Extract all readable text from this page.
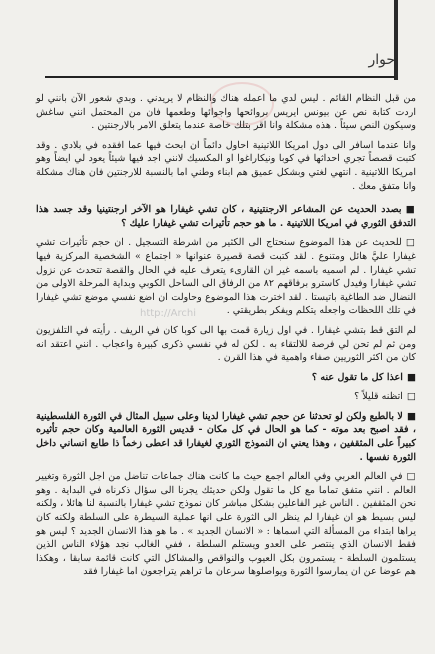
حوار
http://Archi

من قبل النظام القائم . ليس لدي ما اعمله هناك والنظام لا يريدني . وبدي شعور الآن بانني لو اردت كتابة نص عن بيونس ايريس بروائحها واجوائها وطعمها فان من المحتمل انني ساغش وسيكون النص سيئاً . هذه مشكلة وانا اقر بتلك خاصة عندما يتعلق الامر بالارجنتين .

وانا عندما اسافر الى دول امريكا اللاتينية احاول دائماً ان ابحث فيها عما افقده في بلادي . وقد كتبت قصصاً تجري احداثها في كوبا ونيكاراغوا او المكسيك لانني اجد فيها شيئاً يعود لي ايضاً وهو امريكا اللاتينية . انتهي لغتي وبشكل عميق هم ابناء وطني اما بالنسبة للارجنتين فان هناك مشكلة وانا متفق معك .

■بصدد الحديث عن المشاعر الارجنتينية ، كان تشي غيفارا هو الآخر ارجنتينيا وقد جسد هذا التدفق الثوري في امريكا اللاتينية . ما هو حجم تأثيرات تشي غيفارا عليك ؟

□للحديث عن هذا الموضوع سنحتاج الى الكثير من اشرطة التسجيل . ان حجم تأثيرات تشي غيفارا عليَّ هائل ومتنوع . لقد كتبت قصة قصيرة عنوانها « اجتماع » الشخصية المركزية فيها تشي غيفارا . لم اسميه باسمه غير ان القارىء يتعرف عليه في الحال والقصة تتحدث عن نزول تشي غيفارا وفيدل كاسترو برفاقهم ٨٢ من الرفاق الى الساحل الكوبي وبداية المرحلة الاولى من النضال ضد الطاغية باتيستا . لقد اخترت هذا الموضوع وحاولت ان اضع نفسي موضع تشي غيفارا في تلك اللحظات واجعله يتكلم ويفكر بطريقتي .

لم التق قط بتشي غيفارا . في اول زيارة قمت بها الى كوبا كان في الريف . رأيته في التلفزيون ومن ثم لم تحن لي فرصة للالتقاء به . لكن له في نفسي ذكرى كبيرة واعجاب . انني اعتقد انه كان من اكثر الثوريين صفاء واهمية في هذا القرن .

■اعذا كل ما تقول عنه ؟

□اتظنه قليلاً ؟

■لا بالطبع ولكن لو تحدثنا عن حجم تشي غيفارا لدينا وعلى سبيل المثال في الثورة الفلسطينية ، فقد اصبح بعد موته - كما هو الحال في كل مكان - قديس الثورة العالمية وكان حجم تأثيره كبيراً على المثقفين ، وهذا يعني ان النموذج الثوري لغيفارا قد اعطى زخماً ذا طابع انساني داخل الثورة نفسها .

□في العالم العربي وفي العالم اجمع حيث ما كانت هناك جماعات تناضل من اجل الثورة وتغيير العالم . انني متفق تماما مع كل ما تقول ولكن حديثك يجرنا الى سؤال ذكرناه في البداية . وهو نحن المثقفين . الناس غير الفاعلين بشكل مباشر كان نموذج تشي غيفارا بالنسبة لنا هائلا ، ولكنه ليس بسيط هو ان غيفارا لم ينظر الى الثورة على انها عملية السيطرة على السلطة ولكنه كان يراها ابتداء من المسألة التي اسماها : « الانسان الجديد » . ما هو هذا الانسان الجديد ؟ ليس هو فقط الانسان الذي ينتصر على العدو ويستلم السلطة ، ففي الغالب نجد هؤلاء الناس الذين يستلمون السلطة - يستمرون بكل العيوب والنواقص والمشاكل التي كانت قائمة سابقا ، وهكذا هم عوضا عن ان يمارسوا الثورة ويواصلوها سرعان ما تراهم يتراجعون اما غيفارا فقد
